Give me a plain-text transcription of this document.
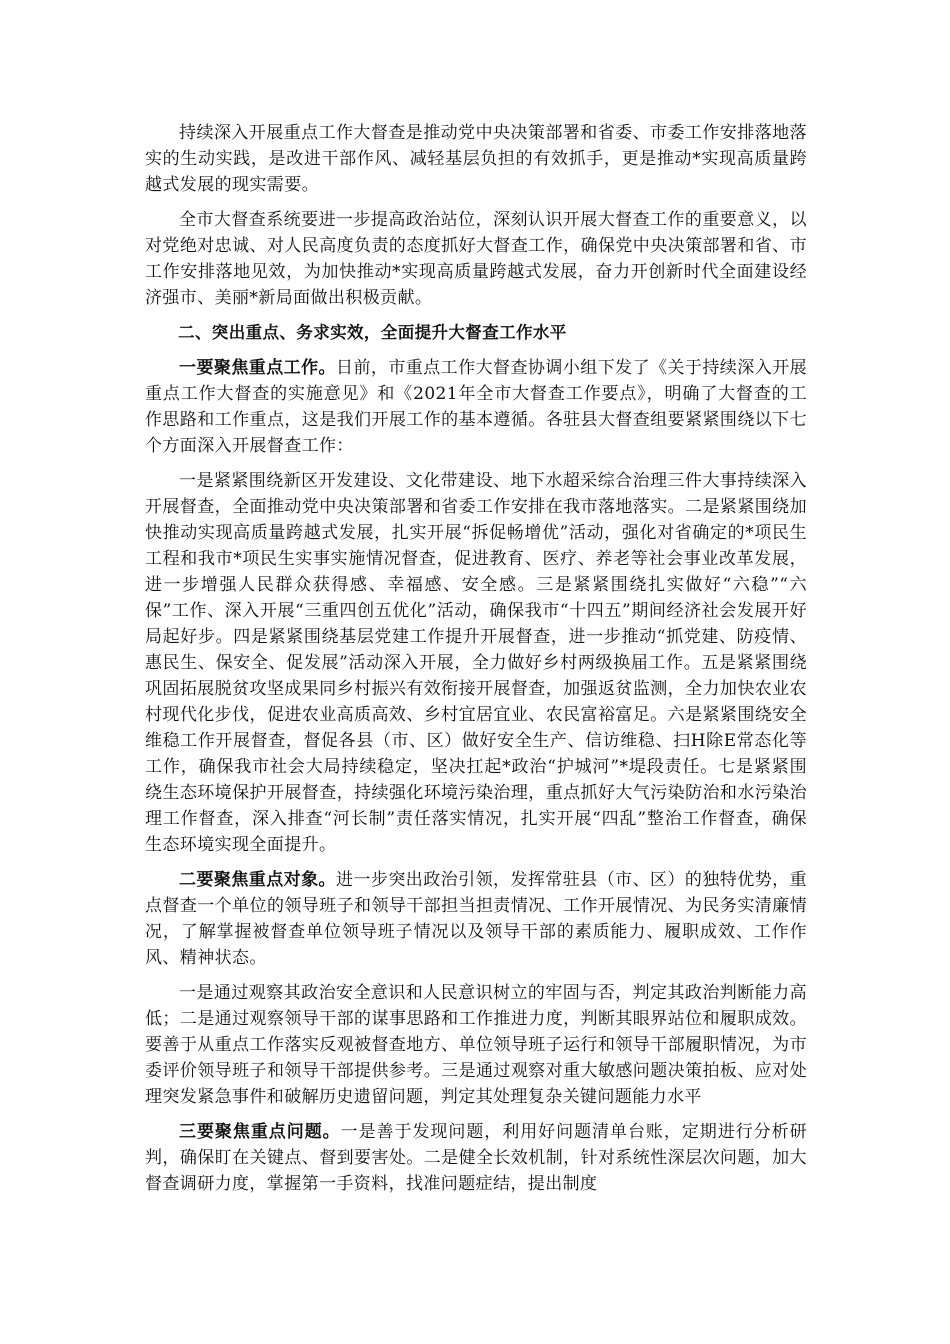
持续深入开展重点工作大督查是推动党中央决策部署和省委、市委工作安排落地落实的生动实践，是改进干部作风、减轻基层负担的有效抓手，更是推动*实现高质量跨越式发展的现实需要。

全市大督查系统要进一步提高政治站位，深刻认识开展大督查工作的重要意义，以对党绝对忠诚、对人民高度负责的态度抓好大督查工作，确保党中央决策部署和省、市工作安排落地见效，为加快推动*实现高质量跨越式发展，奋力开创新时代全面建设经济强市、美丽*新局面做出积极贡献。

二、突出重点、务求实效，全面提升大督查工作水平

一要聚焦重点工作。日前，市重点工作大督查协调小组下发了《关于持续深入开展重点工作大督查的实施意见》和《2021年全市大督查工作要点》，明确了大督查的工作思路和工作重点，这是我们开展工作的基本遵循。各驻县大督查组要紧紧围绕以下七个方面深入开展督查工作：

一是紧紧围绕新区开发建设、文化带建设、地下水超采综合治理三件大事持续深入开展督查，全面推动党中央决策部署和省委工作安排在我市落地落实。二是紧紧围绕加快推动实现高质量跨越式发展，扎实开展“拆促畅增优”活动，强化对省确定的*项民生工程和我市*项民生实事实施情况督查，促进教育、医疗、养老等社会事业改革发展，进一步增强人民群众获得感、幸福感、安全感。三是紧紧围绕扎实做好“六稳”“六保”工作、深入开展“三重四创五优化”活动，确保我市“十四五”期间经济社会发展开好局起好步。四是紧紧围绕基层党建工作提升开展督查，进一步推动“抓党建、防疫情、惠民生、保安全、促发展”活动深入开展，全力做好乡村两级换届工作。五是紧紧围绕巩固拓展脱贫攻坚成果同乡村振兴有效衔接开展督查，加强返贫监测，全力加快农业农村现代化步伐，促进农业高质高效、乡村宜居宜业、农民富裕富足。六是紧紧围绕安全维稳工作开展督查，督促各县（市、区）做好安全生产、信访维稳、扫H除E常态化等工作，确保我市社会大局持续稳定，坚决扛起*政治“护城河”*堤段责任。七是紧紧围绕生态环境保护开展督查，持续强化环境污染治理，重点抓好大气污染防治和水污染治理工作督查，深入排查“河长制”责任落实情况，扎实开展“四乱”整治工作督查，确保生态环境实现全面提升。

二要聚焦重点对象。进一步突出政治引领，发挥常驻县（市、区）的独特优势，重点督查一个单位的领导班子和领导干部担当担责情况、工作开展情况、为民务实清廉情况，了解掌握被督查单位领导班子情况以及领导干部的素质能力、履职成效、工作作风、精神状态。

一是通过观察其政治安全意识和人民意识树立的牢固与否，判定其政治判断能力高低；二是通过观察领导干部的谋事思路和工作推进力度，判断其眼界站位和履职成效。要善于从重点工作落实反观被督查地方、单位领导班子运行和领导干部履职情况，为市委评价领导班子和领导干部提供参考。三是通过观察对重大敏感问题决策拍板、应对处理突发紧急事件和破解历史遗留问题，判定其处理复杂关键问题能力水平

三要聚焦重点问题。一是善于发现问题，利用好问题清单台账，定期进行分析研判，确保盯在关键点、督到要害处。二是健全长效机制，针对系统性深层次问题，加大督查调研力度，掌握第一手资料，找准问题症结，提出制度
